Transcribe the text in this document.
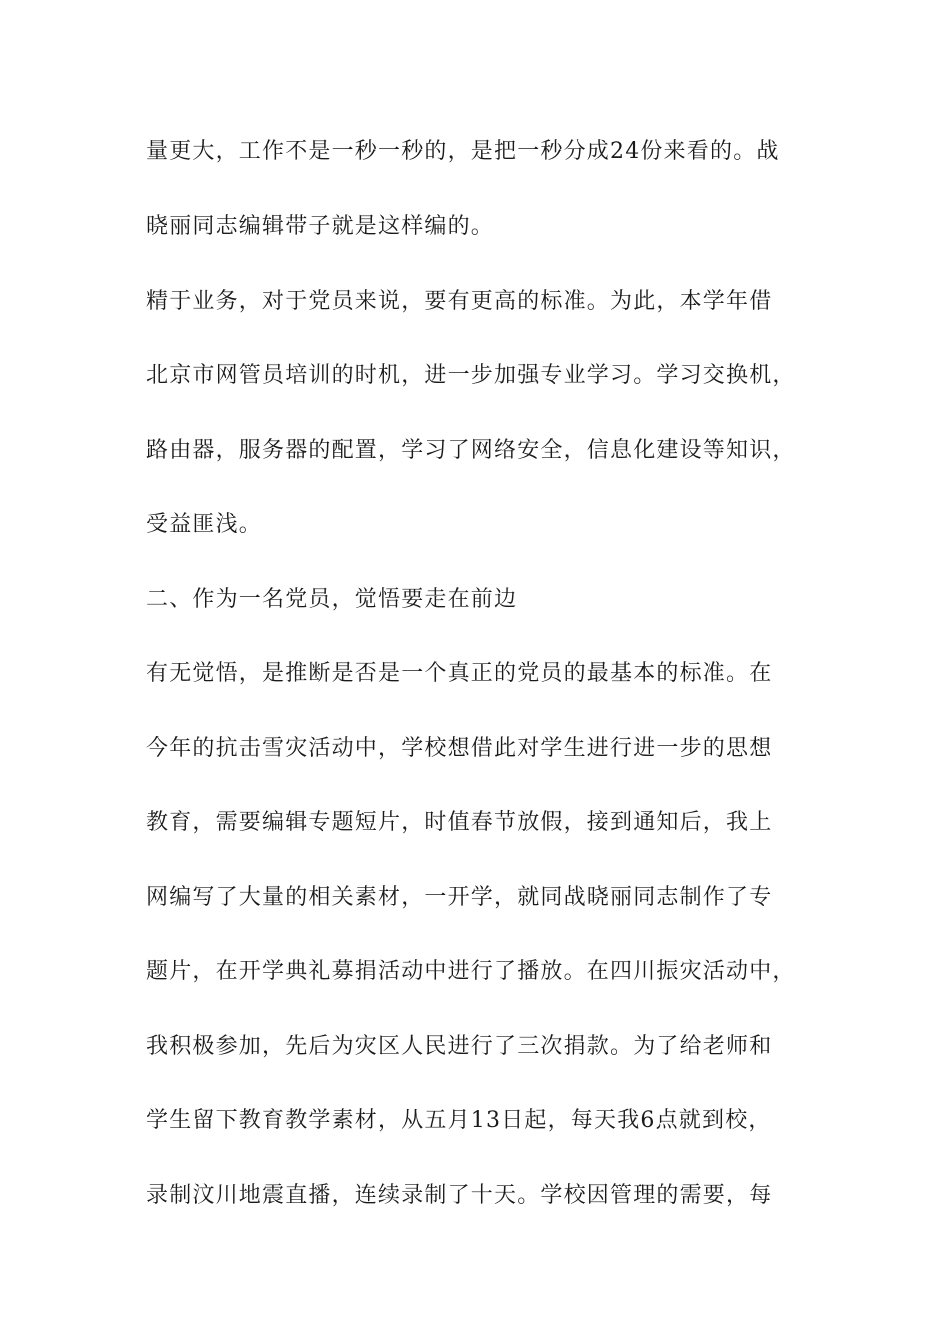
量更大，工作不是一秒一秒的，是把一秒分成24份来看的。战
晓丽同志编辑带子就是这样编的。
精于业务，对于党员来说，要有更高的标准。为此，本学年借
北京市网管员培训的时机，进一步加强专业学习。学习交换机，
路由器，服务器的配置，学习了网络安全，信息化建设等知识，
受益匪浅。
二、作为一名党员，觉悟要走在前边
有无觉悟，是推断是否是一个真正的党员的最基本的标准。在
今年的抗击雪灾活动中，学校想借此对学生进行进一步的思想
教育，需要编辑专题短片，时值春节放假，接到通知后，我上
网编写了大量的相关素材，一开学，就同战晓丽同志制作了专
题片，在开学典礼募捐活动中进行了播放。在四川振灾活动中，
我积极参加，先后为灾区人民进行了三次捐款。为了给老师和
学生留下教育教学素材，从五月13日起，每天我6点就到校，
录制汶川地震直播，连续录制了十天。学校因管理的需要，每
